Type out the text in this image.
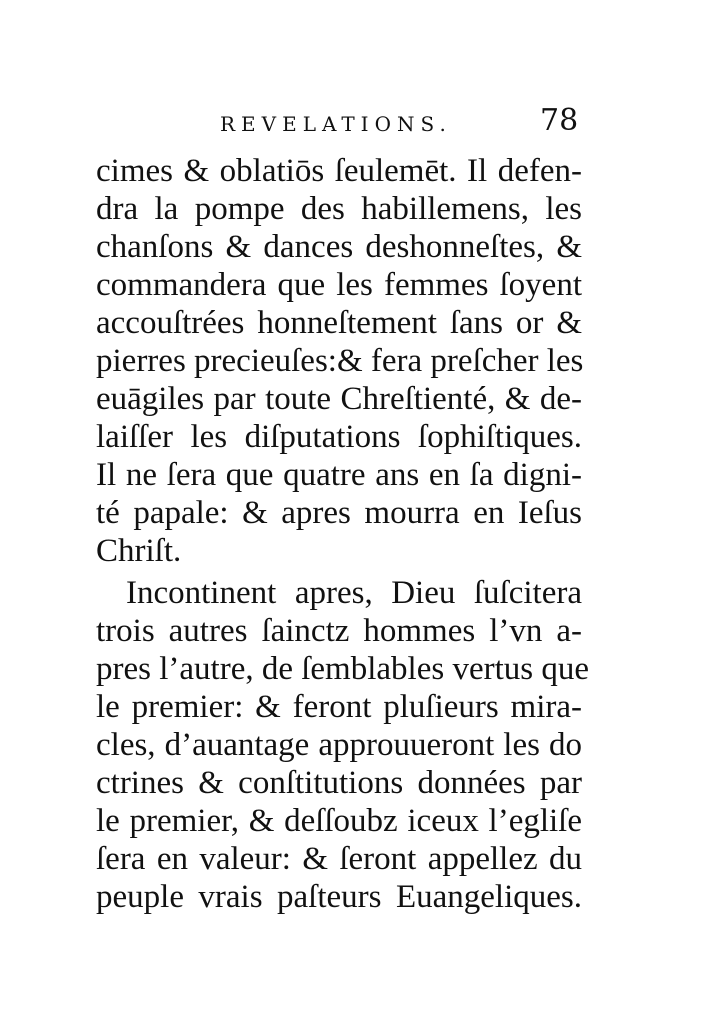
REVELATIONS.	78
cimes & oblatiōs ſeulemēt. Il defen-
dra la pompe des habillemens, les
chanſons & dances deshonneſtes, &
commandera que les femmes ſoyent
accouſtrées honneſtement ſans or &
pierres precieuſes:& fera preſcher les
euāgiles par toute Chreſtienté, & de-
laiſſer les diſputations ſophiſtiques.
Il ne ſera que quatre ans en ſa digni-
té papale: & apres mourra en Ieſus
Chriſt.
Incontinent apres, Dieu ſuſcitera
trois autres ſainctz hommes l’vn a-
pres l’autre, de ſemblables vertus que
le premier: & feront pluſieurs mira-
cles, d’auantage approuueront les do
ctrines & conſtitutions données par
le premier, & deſſoubz iceux l’egliſe
ſera en valeur: & ſeront appellez du
peuple vrais paſteurs Euangeliques.
